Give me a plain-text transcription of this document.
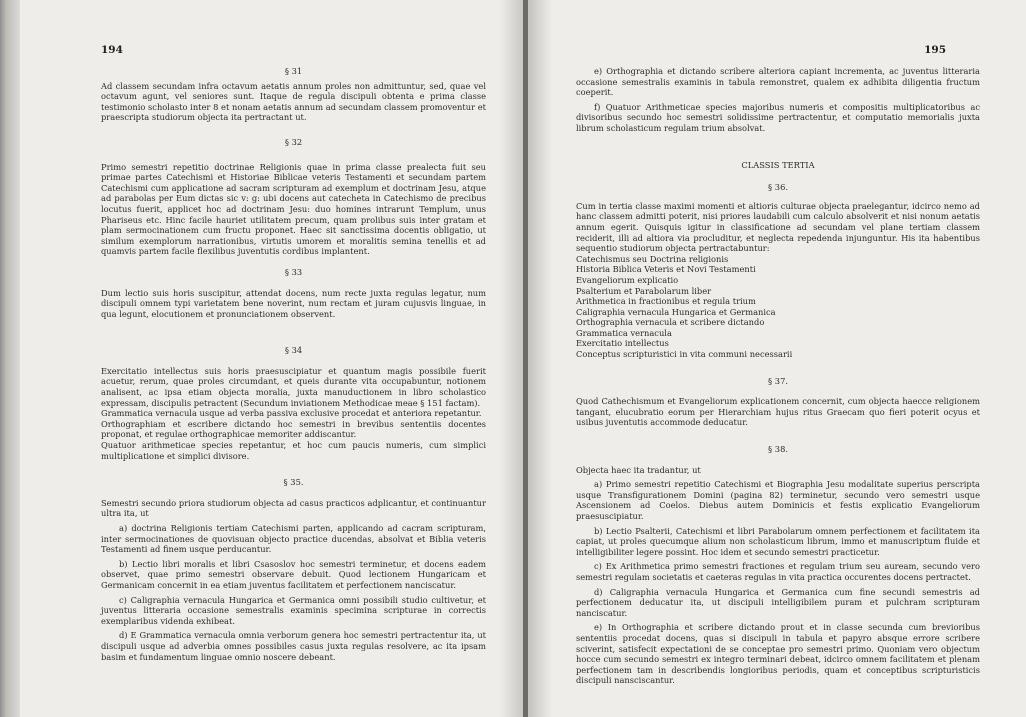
194

§ 31

Ad classem secundam infra octavum aetatis annum proles non admittuntur, sed, quae vel octavum agunt, vel seniores sunt. Itaque de regula discipuli obtenta e prima classe testimonio scholasto inter 8 et nonam aetatis annum ad secundam classem promoventur et praescripta studiorum objecta ita pertractant ut.

§ 32

Primo semestri repetitio doctrinae Religionis quae in prima classe prealecta fuit seu primae partes Catechismi et Historiae Biblicae veteris Testamenti et secundam partem Catechismi cum applicatione ad sacram scripturam ad exemplum et doctrinam Jesu, atque ad parabolas per Eum dictas sic v: g: ubi docens aut catecheta in Catechismo de precibus locutus fuerit, applicet hoc ad doctrinam Jesu: duo homines intrarunt Templum, unus Phariseus etc. Hinc facile hauriet utilitatem precum, quam prolibus suis inter gratam et plam sermocinationem cum fructu proponet. Haec sit sanctissima docentis obligatio, ut similum exemplorum narrationibus, virtutis umorem et moralitis semina tenellis et ad quamvis partem facile flexilibus juventutis cordibus implantent.

§ 33

Dum lectio suis horis suscipitur, attendat docens, num recte juxta regulas legatur, num discipuli omnem typi varietatem bene noverint, num rectam et juram cujusvis linguae, in qua legunt, elocutionem et pronunciationem observent.

§ 34

Exercitatio intellectus suis horis praesuscipiatur et quantum magis possibile fuerit acuetur, rerum, quae proles circumdant, et queis durante vita occupabuntur, notionem analisent, ac ipsa etiam objecta moralia, juxta manuductionem in libro scholastico expressam, discipulis petractent (Secundum inviationem Methodicae meae § 151 factam).

Grammatica vernacula usque ad verba passiva exclusive procedat et anteriora repetantur.

Orthographiam et escribere dictando hoc semestri in brevibus sententiis docentes proponat, et regulae orthographicae memoriter addiscantur.

Quatuor arithmeticae species repetantur, et hoc cum paucis numeris, cum simplici multiplicatione et simplici divisore.

§ 35.

Semestri secundo priora studiorum objecta ad casus practicos adplicantur, et continuantur ultra ita, ut

a) doctrina Religionis tertiam Catechismi parten, applicando ad cacram scripturam, inter sermocinationes de quovisuan objecto practice ducendas, absolvat et Biblia veteris Testamenti ad finem usque perducantur.

b) Lectio libri moralis et libri Csasoslov hoc semestri terminetur, et docens eadem observet, quae primo semestri observare debuit. Quod lectionem Hungaricam et Germanicam concernit in ea etiam juventus facilitatem et perfectionem nanciscatur.

c) Caligraphia vernacula Hungarica et Germanica omni possibili studio cultivetur, et juventus litteraria occasione semestralis examinis specimina scripturae in correctis exemplaribus videnda exhibeat.

d) E Grammatica vernacula omnia verborum genera hoc semestri pertractentur ita, ut discipuli usque ad adverbia omnes possibiles casus juxta regulas resolvere, ac ita ipsam basim et fundamentum linguae omnio noscere debeant.

195

e) Orthographia et dictando scribere alteriora capiant incrementa, ac juventus litteraria occasione semestralis examinis in tabula remonstret, qualem ex adhibita diligentia fructum coeperit.

f) Quatuor Arithmeticae species majoribus numeris et compositis multiplicatoribus ac divisoribus secundo hoc semestri solidissime pertractentur, et computatio memorialis juxta librum scholasticum regulam trium absolvat.

CLASSIS TERTIA

§ 36.

Cum in tertia classe maximi momenti et altioris culturae objecta praelegantur, idcirco nemo ad hanc classem admitti poterit, nisi priores laudabili cum calculo absolverit et nisi nonum aetatis annum egerit. Quisquis igitur in classificatione ad secundam vel plane tertiam classem reciderit, illi ad altiora via procluditur, et neglecta repedenda injunguntur. His ita habentibus sequentio studiorum objecta pertractabuntur:

Catechismus seu Doctrina religionis

Historia Biblica Veteris et Novi Testamenti

Evangeliorum explicatio

Psalterium et Parabolarum liber

Arithmetica in fractionibus et regula trium

Caligraphia vernacula Hungarica et Germanica

Orthographia vernacula et scribere dictando

Grammatica vernacula

Exercitatio intellectus

Conceptus scripturistici in vita communi necessarii

§ 37.

Quod Cathechismum et Evangeliorum explicationem concernit, cum objecta haecce religionem tangant, elucubratio eorum per Hierarchiam hujus ritus Graecam quo fieri poterit ocyus et usibus juventutis accommode deducatur.

§ 38.

Objecta haec ita tradantur, ut

a) Primo semestri repetitio Catechismi et Biographia Jesu modalitate superius perscripta usque Transfigurationem Domini (pagina 82) terminetur, secundo vero semestri usque Ascensionem ad Coelos. Diebus autem Dominicis et festis explicatio Evangeliorum praesuscipiatur.

b) Lectio Psalterii, Catechismi et libri Parabolarum omnem perfectionem et facilitatem ita capiat, ut proles quecumque alium non scholasticum librum, immo et manuscriptum fluide et intelligibiliter legere possint. Hoc idem et secundo semestri practicetur.

c) Ex Arithmetica primo semestri fractiones et regulam trium seu auream, secundo vero semestri regulam societatis et caeteras regulas in vita practica occurentes docens pertractet.

d) Caligraphia vernacula Hungarica et Germanica cum fine secundi semestris ad perfectionem deducatur ita, ut discipuli intelligibilem puram et pulchram scripturam nanciscatur.

e) In Orthographia et scribere dictando prout et in classe secunda cum brevioribus sententiis procedat docens, quas si discipuli in tabula et papyro absque errore scribere sciverint, satisfecit expectationi de se conceptae pro semestri primo. Quoniam vero objectum hocce cum secundo semestri ex integro terminari debeat, idcirco omnem facilitatem et plenam perfectionem tam in describendis longioribus periodis, quam et conceptibus scripturisticis discipuli nansciscantur.
